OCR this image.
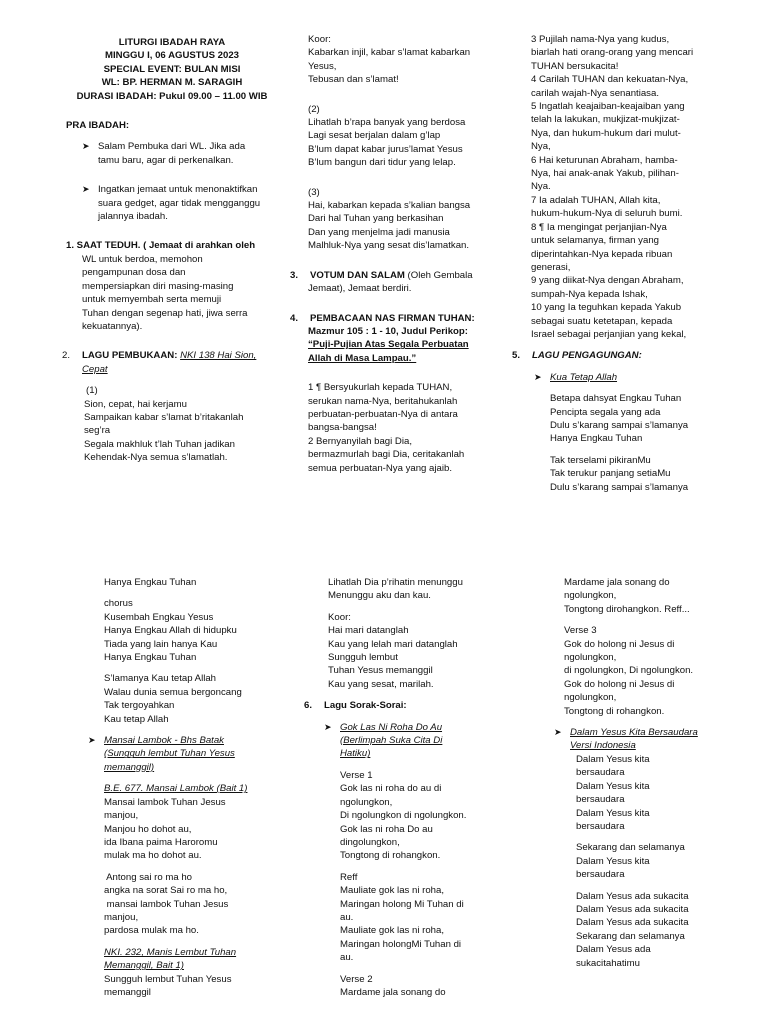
LITURGI IBADAH RAYA
MINGGU I, 06 AGUSTUS 2023
SPECIAL EVENT: BULAN MISI
WL: BP. HERMAN M. SARAGIH
DURASI IBADAH: Pukul 09.00 – 11.00 WIB
PRA IBADAH:
➤ Salam Pembuka dari WL. Jika ada
tamu baru, agar di perkenalkan.
➤ Ingatkan jemaat untuk menonaktifkan
suara gedget, agar tidak mengganggu
jalannya ibadah.
1. SAAT TEDUH. ( Jemaat di arahkan oleh
WL untuk berdoa, memohon
pengampunan dosa dan
mempersiapkan diri masing-masing
untuk memyembah serta memuji
Tuhan dengan segenap hati, jiwa serra
kekuatannya).
2. LAGU PEMBUKAAN: NKI 138 Hai Sion,
Cepat
(1)
Sion, cepat, hai kerjamu
Sampaikan kabar s’lamat b’ritakanlah
seg’ra
Segala makhluk t’lah Tuhan jadikan
Kehendak-Nya semua s’lamatlah.
Koor:
Kabarkan injil, kabar s’lamat kabarkan
Yesus,
Tebusan dan s’lamat!
(2)
Lihatlah b’rapa banyak yang berdosa
Lagi sesat berjalan dalam g’lap
B’lum dapat kabar jurus’lamat Yesus
B’lum bangun dari tidur yang lelap.
(3)
Hai, kabarkan kepada s’kalian bangsa
Dari hal Tuhan yang berkasihan
Dan yang menjelma jadi manusia
Malhluk-Nya yang sesat dis’lamatkan.
3. VOTUM DAN SALAM (Oleh Gembala
Jemaat), Jemaat berdiri.
4. PEMBACAAN NAS FIRMAN TUHAN:
Mazmur 105 : 1 - 10, Judul Perikop:
“Puji-Pujian Atas Segala Perbuatan
Allah di Masa Lampau.”
1 ¶ Bersyukurlah kepada TUHAN,
serukan nama-Nya, beritahukanlah
perbuatan-perbuatan-Nya di antara
bangsa-bangsa!
2 Bernyanyilah bagi Dia,
bermazmurlah bagi Dia, ceritakanlah
semua perbuatan-Nya yang ajaib.
3 Pujilah nama-Nya yang kudus,
biarlah hati orang-orang yang mencari
TUHAN bersukacita!
4 Carilah TUHAN dan kekuatan-Nya,
carilah wajah-Nya senantiasa.
5 Ingatlah keajaiban-keajaiban yang
telah la lakukan, mukjizat-mukjizat-
Nya, dan hukum-hukum dari mulut-
Nya,
6 Hai keturunan Abraham, hamba-
Nya, hai anak-anak Yakub, pilihan-
Nya.
7 Ia adalah TUHAN, Allah kita,
hukum-hukum-Nya di seluruh bumi.
8 ¶ Ia mengingat perjanjian-Nya
untuk selamanya, firman yang
diperintahkan-Nya kepada ribuan
generasi,
9 yang diikat-Nya dengan Abraham,
sumpah-Nya kepada Ishak,
10 yang Ia teguhkan kepada Yakub
sebagai suatu ketetapan, kepada
Israel sebagai perjanjian yang kekal,
5. LAGU PENGAGUNGAN:
➤ Kua Tetap Allah
Betapa dahsyat Engkau Tuhan
Pencipta segala yang ada
Dulu s’karang sampai s’lamanya
Hanya Engkau Tuhan
Tak terselami pikiranMu
Tak terukur panjang setiaMu
Dulu s’karang sampai s’lamanya
Hanya Engkau Tuhan
chorus
Kusembah Engkau Yesus
Hanya Engkau Allah di hidupku
Tiada yang lain hanya Kau
Hanya Engkau Tuhan
S’lamanya Kau tetap Allah
Walau dunia semua bergoncang
Tak tergoyahkan
Kau tetap Allah
➤ Mansai Lambok - Bhs Batak
(Sungguh lembut Tuhan Yesus
memanggil)
B.E. 677. Mansai Lambok (Bait 1)
Mansai lambok Tuhan Jesus
manjou,
Manjou ho dohot au,
ida Ibana paima Haroromu
mulak ma ho dohot au.
Antong sai ro ma ho
angka na sorat Sai ro ma ho,
mansai lambok Tuhan Jesus
manjou,
pardosa mulak ma ho.
NKI. 232, Manis Lembut Tuhan
Memanggil, Bait 1)
Sungguh lembut Tuhan Yesus
memanggil
Lihatlah Dia p’rihatin menunggu
Menunggu aku dan kau.
Koor:
Hai mari datanglah
Kau yang lelah mari datanglah
Sungguh lembut
Tuhan Yesus memanggil
Kau yang sesat, marilah.
6. Lagu Sorak-Sorai:
➤ Gok Las Ni Roha Do Au
(Berlimpah Suka Cita Di
Hatiku)
Verse 1
Gok las ni roha do au di
ngolungkon,
Di ngolungkon di ngolungkon.
Gok las ni roha Do au
dingolungkon,
Tongtong di rohangkon.
Reff
Mauliate gok las ni roha,
Maringan holong Mi Tuhan di
au.
Mauliate gok las ni roha,
Maringan holongMi Tuhan di
au.
Verse 2
Mardame jala sonang do
Mardame jala sonang do
ngolungkon,
Tongtong dirohangkon. Reff...
Verse 3
Gok do holong ni Jesus di
ngolungkon,
di ngolungkon, Di ngolungkon.
Gok do holong ni Jesus di
ngolungkon,
Tongtong di rohangkon.
➤ Dalam Yesus Kita Bersaudara
Versi Indonesia
Dalam Yesus kita
bersaudara
Dalam Yesus kita
bersaudara
Dalam Yesus kita
bersaudara
Sekarang dan selamanya
Dalam Yesus kita
bersaudara
Dalam Yesus ada sukacita
Dalam Yesus ada sukacita
Dalam Yesus ada sukacita
Sekarang dan selamanya
Dalam Yesus ada
sukacitahatimu
